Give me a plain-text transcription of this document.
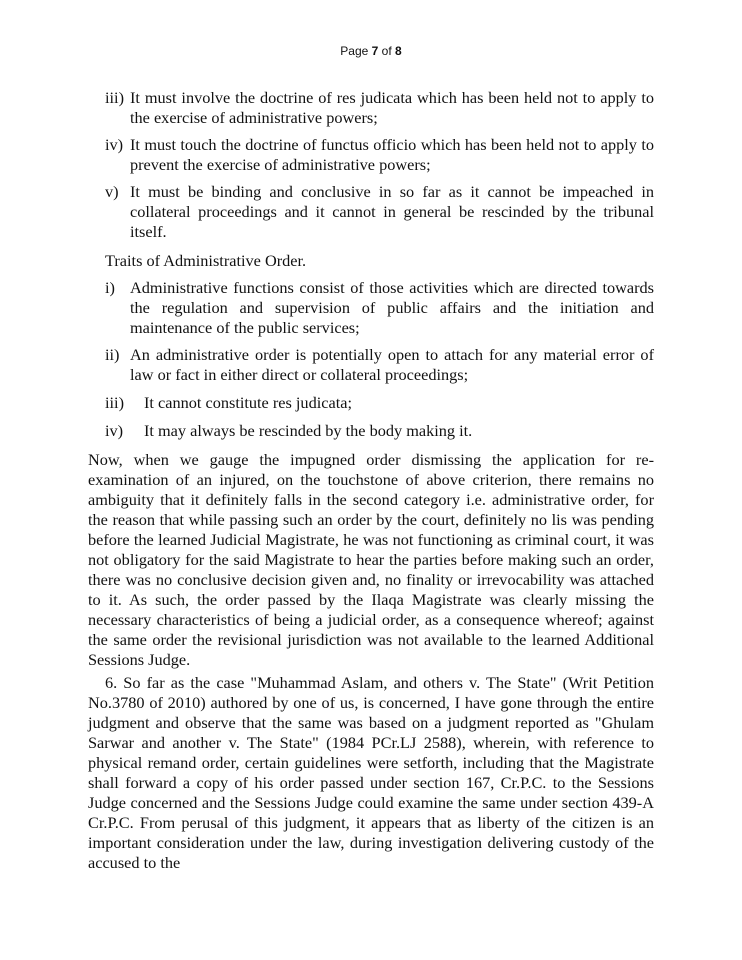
Page 7 of 8
iii) It must involve the doctrine of res judicata which has been held not to apply to the exercise of administrative powers;
iv) It must touch the doctrine of functus officio which has been held not to apply to prevent the exercise of administrative powers;
v) It must be binding and conclusive in so far as it cannot be impeached in collateral proceedings and it cannot in general be rescinded by the tribunal itself.
Traits of Administrative Order.
i) Administrative functions consist of those activities which are directed towards the regulation and supervision of public affairs and the initiation and maintenance of the public services;
ii) An administrative order is potentially open to attach for any material error of law or fact in either direct or collateral proceedings;
iii) It cannot constitute res judicata;
iv) It may always be rescinded by the body making it.
Now, when we gauge the impugned order dismissing the application for re-examination of an injured, on the touchstone of above criterion, there remains no ambiguity that it definitely falls in the second category i.e. administrative order, for the reason that while passing such an order by the court, definitely no lis was pending before the learned Judicial Magistrate, he was not functioning as criminal court, it was not obligatory for the said Magistrate to hear the parties before making such an order, there was no conclusive decision given and, no finality or irrevocability was attached to it. As such, the order passed by the Ilaqa Magistrate was clearly missing the necessary characteristics of being a judicial order, as a consequence whereof; against the same order the revisional jurisdiction was not available to the learned Additional Sessions Judge.
6. So far as the case "Muhammad Aslam, and others v. The State" (Writ Petition No.3780 of 2010) authored by one of us, is concerned, I have gone through the entire judgment and observe that the same was based on a judgment reported as "Ghulam Sarwar and another v. The State" (1984 PCr.LJ 2588), wherein, with reference to physical remand order, certain guidelines were setforth, including that the Magistrate shall forward a copy of his order passed under section 167, Cr.P.C. to the Sessions Judge concerned and the Sessions Judge could examine the same under section 439-A Cr.P.C. From perusal of this judgment, it appears that as liberty of the citizen is an important consideration under the law, during investigation delivering custody of the accused to the
